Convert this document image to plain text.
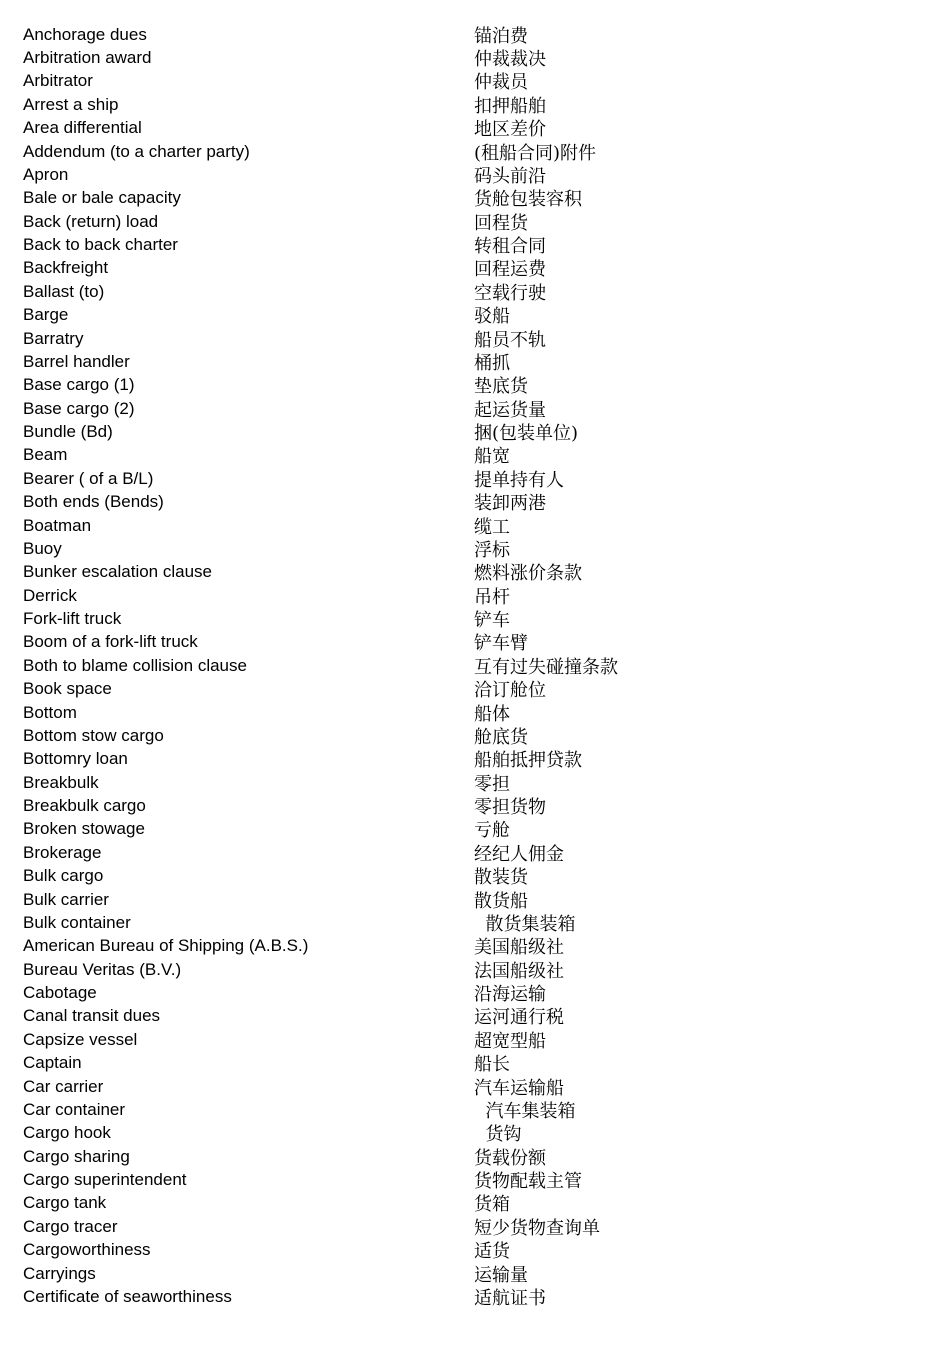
Anchorage dues	锚泊费
Arbitration award	仲裁裁决
Arbitrator	仲裁员
Arrest a ship	扣押船舶
Area differential	地区差价
Addendum (to a charter party)	(租船合同)附件
Apron	码头前沿
Bale or bale capacity	货舱包装容积
Back (return) load	回程货
Back to back charter	转租合同
Backfreight	回程运费
Ballast (to)	空载行驶
Barge	驳船
Barratry	船员不轨
Barrel handler	桶抓
Base cargo (1)	垫底货
Base cargo (2)	起运货量
Bundle (Bd)	捆(包装单位)
Beam	船宽
Bearer ( of a B/L)	提单持有人
Both ends (Bends)	装卸两港
Boatman	缆工
Buoy	浮标
Bunker escalation clause	燃料涨价条款
Derrick	吊杆
Fork-lift truck	铲车
Boom of a fork-lift truck	铲车臂
Both to blame collision clause	互有过失碰撞条款
Book space	洽订舱位
Bottom	船体
Bottom stow cargo	舱底货
Bottomry loan	船舶抵押贷款
Breakbulk	零担
Breakbulk cargo	零担货物
Broken stowage	亏舱
Brokerage	经纪人佣金
Bulk cargo	散装货
Bulk carrier	散货船
Bulk container	散货集装箱
American Bureau of Shipping (A.B.S.)	美国船级社
Bureau Veritas (B.V.)	法国船级社
Cabotage	沿海运输
Canal transit dues	运河通行税
Capsize vessel	超宽型船
Captain	船长
Car carrier	汽车运输船
Car container	汽车集装箱
Cargo hook	货钩
Cargo sharing	货载份额
Cargo superintendent	货物配载主管
Cargo tank	货箱
Cargo tracer	短少货物查询单
Cargoworthiness	适货
Carryings	运输量
Certificate of seaworthiness	适航证书
